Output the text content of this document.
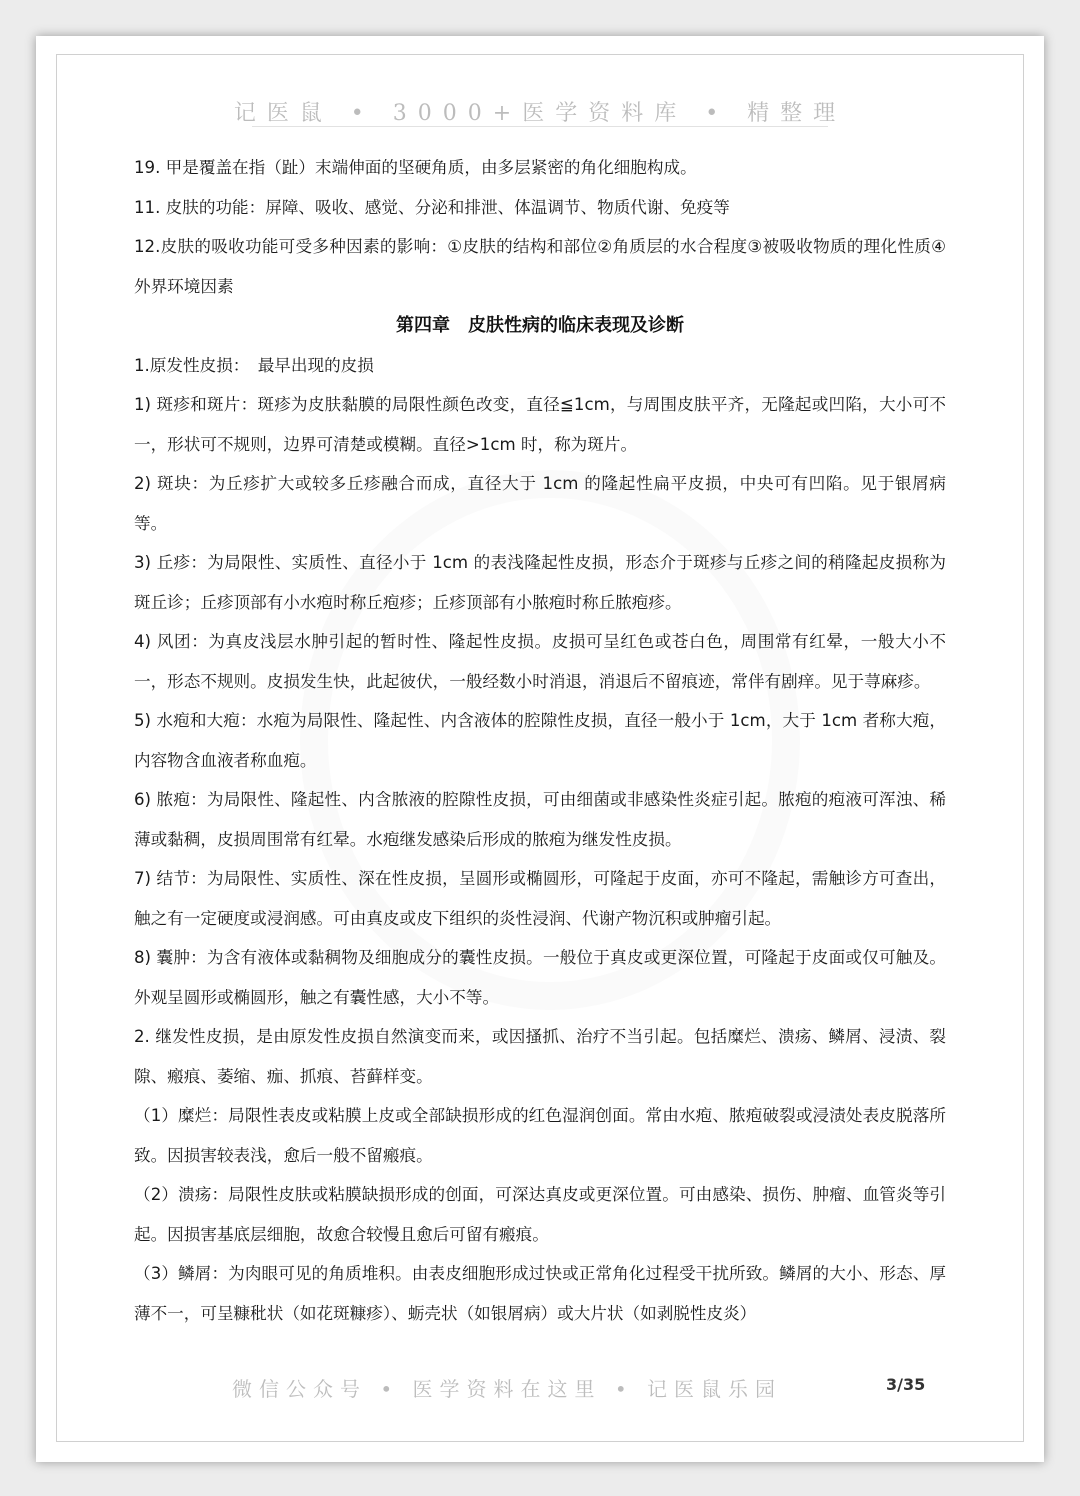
记医鼠 • 3000+医学资料库 • 精整理

19. 甲是覆盖在指（趾）末端伸面的坚硬角质，由多层紧密的角化细胞构成。

11. 皮肤的功能：屏障、吸收、感觉、分泌和排泄、体温调节、物质代谢、免疫等

12.皮肤的吸收功能可受多种因素的影响：①皮肤的结构和部位②角质层的水合程度③被吸收物质的理化性质④外界环境因素

第四章　皮肤性病的临床表现及诊断

1.原发性皮损：　最早出现的皮损

1) 斑疹和斑片：斑疹为皮肤黏膜的局限性颜色改变，直径≦1cm，与周围皮肤平齐，无隆起或凹陷，大小可不一，形状可不规则，边界可清楚或模糊。直径>1cm 时，称为斑片。

2) 斑块：为丘疹扩大或较多丘疹融合而成，直径大于 1cm 的隆起性扁平皮损，中央可有凹陷。见于银屑病等。

3) 丘疹：为局限性、实质性、直径小于 1cm 的表浅隆起性皮损，形态介于斑疹与丘疹之间的稍隆起皮损称为斑丘诊；丘疹顶部有小水疱时称丘疱疹；丘疹顶部有小脓疱时称丘脓疱疹。

4) 风团：为真皮浅层水肿引起的暂时性、隆起性皮损。皮损可呈红色或苍白色，周围常有红晕，一般大小不一，形态不规则。皮损发生快，此起彼伏，一般经数小时消退，消退后不留痕迹，常伴有剧痒。见于荨麻疹。

5) 水疱和大疱：水疱为局限性、隆起性、内含液体的腔隙性皮损，直径一般小于 1cm，大于 1cm 者称大疱，内容物含血液者称血疱。

6) 脓疱：为局限性、隆起性、内含脓液的腔隙性皮损，可由细菌或非感染性炎症引起。脓疱的疱液可浑浊、稀薄或黏稠，皮损周围常有红晕。水疱继发感染后形成的脓疱为继发性皮损。

7) 结节：为局限性、实质性、深在性皮损，呈圆形或椭圆形，可隆起于皮面，亦可不隆起，需触诊方可查出，触之有一定硬度或浸润感。可由真皮或皮下组织的炎性浸润、代谢产物沉积或肿瘤引起。

8) 囊肿：为含有液体或黏稠物及细胞成分的囊性皮损。一般位于真皮或更深位置，可隆起于皮面或仅可触及。外观呈圆形或椭圆形，触之有囊性感，大小不等。

2. 继发性皮损，是由原发性皮损自然演变而来，或因搔抓、治疗不当引起。包括糜烂、溃疡、鳞屑、浸渍、裂隙、瘢痕、萎缩、痂、抓痕、苔藓样变。

（1）糜烂：局限性表皮或粘膜上皮或全部缺损形成的红色湿润创面。常由水疱、脓疱破裂或浸渍处表皮脱落所致。因损害较表浅，愈后一般不留瘢痕。

（2）溃疡：局限性皮肤或粘膜缺损形成的创面，可深达真皮或更深位置。可由感染、损伤、肿瘤、血管炎等引起。因损害基底层细胞，故愈合较慢且愈后可留有瘢痕。

（3）鳞屑：为肉眼可见的角质堆积。由表皮细胞形成过快或正常角化过程受干扰所致。鳞屑的大小、形态、厚薄不一，可呈糠秕状（如花斑糠疹）、蛎壳状（如银屑病）或大片状（如剥脱性皮炎）

微信公众号 • 医学资料在这里 • 记医鼠乐园	3/35
